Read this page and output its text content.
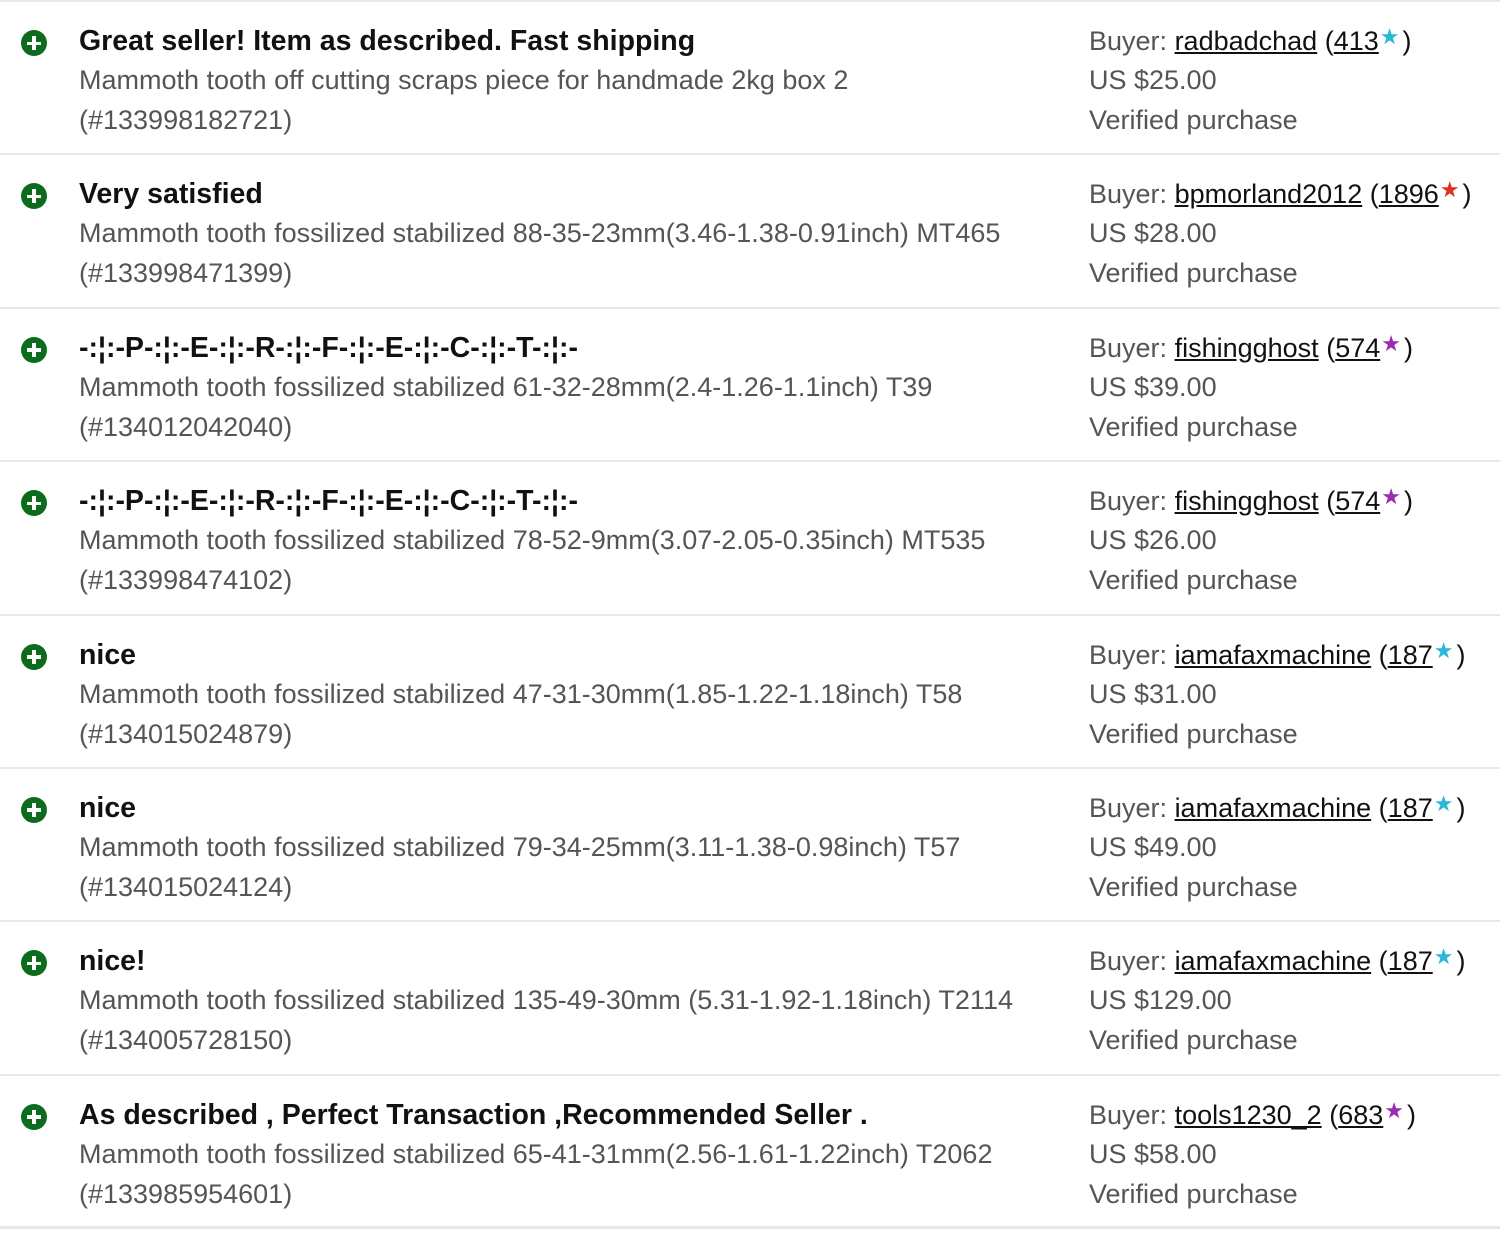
Great seller! Item as described. Fast shipping
Mammoth tooth off cutting scraps piece for handmade 2kg box 2
(#133998182721)
Buyer: radbadchad (413★ )
US $25.00
Verified purchase
Very satisfied
Mammoth tooth fossilized stabilized 88-35-23mm(3.46-1.38-0.91inch) MT465
(#133998471399)
Buyer: bpmorland2012 (1896★ )
US $28.00
Verified purchase
-:¦:-P-:¦:-E-:¦:-R-:¦:-F-:¦:-E-:¦:-C-:¦:-T-:¦:-
Mammoth tooth fossilized stabilized 61-32-28mm(2.4-1.26-1.1inch) T39
(#134012042040)
Buyer: fishingghost (574★ )
US $39.00
Verified purchase
-:¦:-P-:¦:-E-:¦:-R-:¦:-F-:¦:-E-:¦:-C-:¦:-T-:¦:-
Mammoth tooth fossilized stabilized 78-52-9mm(3.07-2.05-0.35inch) MT535
(#133998474102)
Buyer: fishingghost (574★ )
US $26.00
Verified purchase
nice
Mammoth tooth fossilized stabilized 47-31-30mm(1.85-1.22-1.18inch) T58
(#134015024879)
Buyer: iamafaxmachine (187★ )
US $31.00
Verified purchase
nice
Mammoth tooth fossilized stabilized 79-34-25mm(3.11-1.38-0.98inch) T57
(#134015024124)
Buyer: iamafaxmachine (187★ )
US $49.00
Verified purchase
nice!
Mammoth tooth fossilized stabilized 135-49-30mm (5.31-1.92-1.18inch) T2114
(#134005728150)
Buyer: iamafaxmachine (187★ )
US $129.00
Verified purchase
As described , Perfect Transaction ,Recommended Seller .
Mammoth tooth fossilized stabilized 65-41-31mm(2.56-1.61-1.22inch) T2062
(#133985954601)
Buyer: tools1230_2 (683★ )
US $58.00
Verified purchase
